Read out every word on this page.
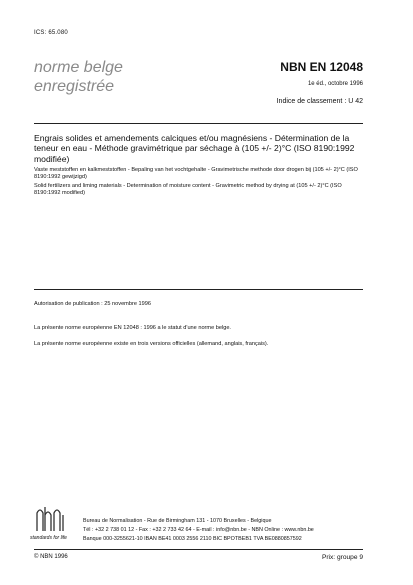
ICS: 65.080
norme belge
enregistrée
NBN EN 12048
1e éd., octobre 1996
Indice de classement : U 42
Engrais solides et amendements calciques et/ou magnésiens - Détermination de la teneur en eau - Méthode gravimétrique par séchage à (105 +/- 2)°C (ISO 8190:1992 modifiée)
Vaste meststoffen en kalkmeststoffen - Bepaling van het vochtgehalte - Gravimetrische methode door drogen bij (105 +/- 2)°C (ISO 8190:1992 gewijzigd)
Solid fertilizers and liming materials - Determination of moisture content - Gravimetric method by drying at (105 +/- 2)°C (ISO 8190:1992 modified)
Autorisation de publication : 25 novembre 1996
La présente norme européenne EN 12048 : 1996 a le statut d'une norme belge.
La présente norme européenne existe en trois versions officielles (allemand, anglais, français).
standards for life
Bureau de Normalisation - Rue de Birmingham 131 - 1070 Bruxelles - Belgique
Tél : +32 2 738 01 12 - Fax : +32 2 733 42 64 - E-mail : info@nbn.be - NBN Online : www.nbn.be
Banque 000-3255621-10 IBAN BE41 0003 2556 2110 BIC BPOTBEB1 TVA BE0880857592
© NBN 1996	Prix: groupe 9
